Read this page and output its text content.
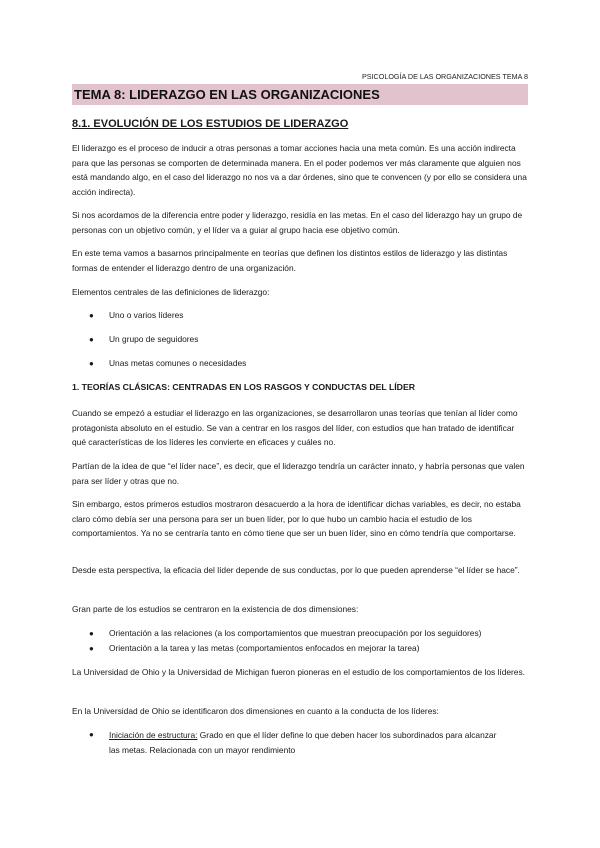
PSICOLOGÍA DE LAS ORGANIZACIONES TEMA 8
TEMA 8: LIDERAZGO EN LAS ORGANIZACIONES
8.1. EVOLUCIÓN DE LOS ESTUDIOS DE LIDERAZGO

El liderazgo es el proceso de inducir a otras personas a tomar acciones hacia una meta común. Es una acción indirecta para que las personas se comporten de determinada manera. En el poder podemos ver más claramente que alguien nos está mandando algo, en el caso del liderazgo no nos va a dar órdenes, sino que te convencen (y por ello se considera una acción indirecta).

Si nos acordamos de la diferencia entre poder y liderazgo, residía en las metas. En el caso del liderazgo hay un grupo de personas con un objetivo común, y el líder va a guiar al grupo hacia ese objetivo común.

En este tema vamos a basarnos principalmente en teorías que definen los distintos estilos de liderazgo y las distintas formas de entender el liderazgo dentro de una organización.

Elementos centrales de las definiciones de liderazgo:

● Uno o varios líderes
● Un grupo de seguidores
● Unas metas comunes o necesidades
1. TEORÍAS CLÁSICAS: CENTRADAS EN LOS RASGOS Y CONDUCTAS DEL LÍDER

Cuando se empezó a estudiar el liderazgo en las organizaciones, se desarrollaron unas teorías que tenían al líder como protagonista absoluto en el estudio. Se van a centrar en los rasgos del líder, con estudios que han tratado de identificar qué características de los líderes les convierte en eficaces y cuáles no.

Partían de la idea de que “el líder nace”, es decir, que el liderazgo tendría un carácter innato, y habría personas que valen para ser líder y otras que no.

Sin embargo, estos primeros estudios mostraron desacuerdo a la hora de identificar dichas variables, es decir, no estaba claro cómo debía ser una persona para ser un buen líder, por lo que hubo un cambio hacia el estudio de los comportamientos. Ya no se centraría tanto en cómo tiene que ser un buen líder, sino en cómo tendría que comportarse.

Desde esta perspectiva, la eficacia del líder depende de sus conductas, por lo que pueden aprenderse “el líder se hace”.

Gran parte de los estudios se centraron en la existencia de dos dimensiones:

● Orientación a las relaciones (a los comportamientos que muestran preocupación por los seguidores)
● Orientación a la tarea y las metas (comportamientos enfocados en mejorar la tarea)

La Universidad de Ohio y la Universidad de Michigan fueron pioneras en el estudio de los comportamientos de los líderes.

En la Universidad de Ohio se identificaron dos dimensiones en cuanto a la conducta de los líderes:

● Iniciación de estructura: Grado en que el líder define lo que deben hacer los subordinados para alcanzar las metas. Relacionada con un mayor rendimiento
